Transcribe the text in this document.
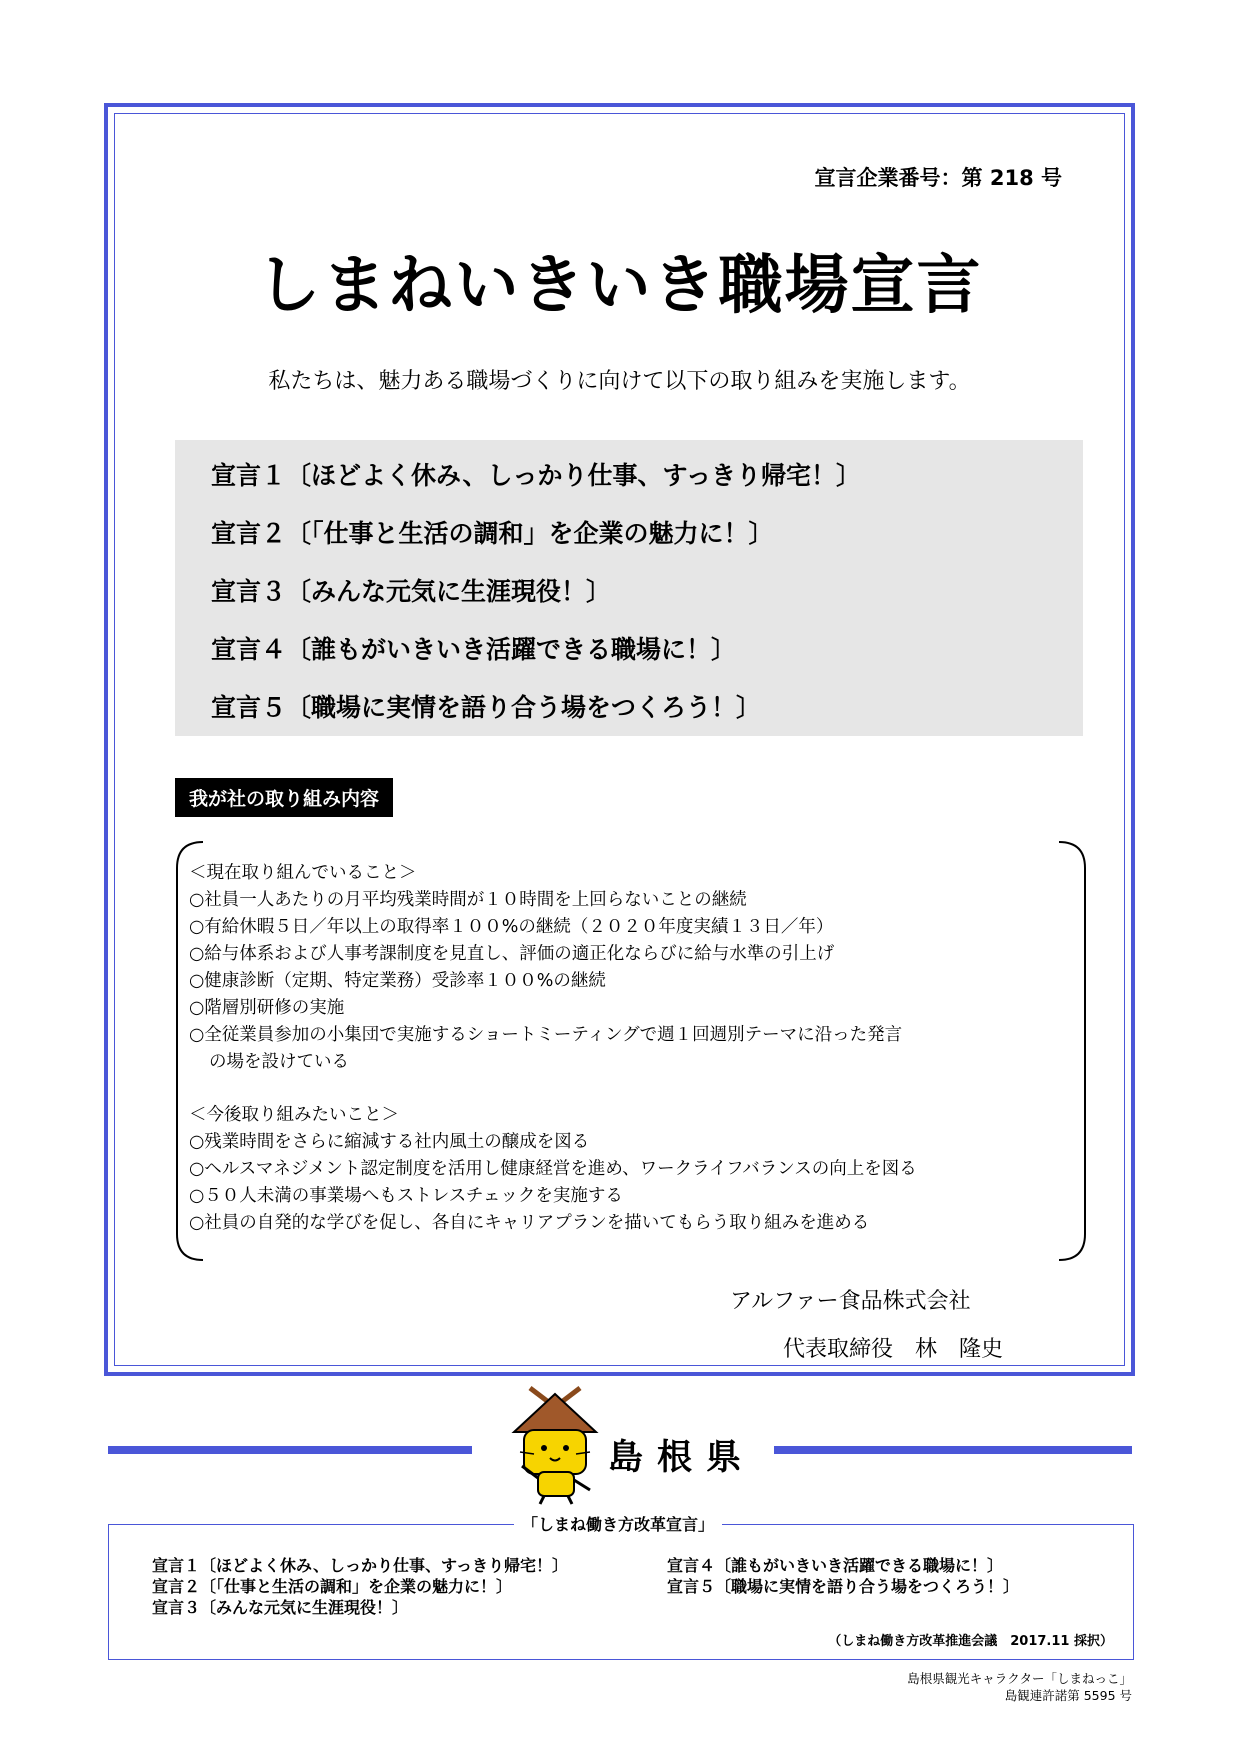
宣言企業番号：第 218 号
しまねいきいき職場宣言
私たちは、魅力ある職場づくりに向けて以下の取り組みを実施します。
宣言１〔ほどよく休み、しっかり仕事、すっきり帰宅！〕
宣言２〔「仕事と生活の調和」を企業の魅力に！〕
宣言３〔みんな元気に生涯現役！〕
宣言４〔誰もがいきいき活躍できる職場に！〕
宣言５〔職場に実情を語り合う場をつくろう！〕
我が社の取り組み内容
＜現在取り組んでいること＞
○社員一人あたりの月平均残業時間が１０時間を上回らないことの継続
○有給休暇５日／年以上の取得率１００%の継続（２０２０年度実績１３日／年）
○給与体系および人事考課制度を見直し、評価の適正化ならびに給与水準の引上げ
○健康診断（定期、特定業務）受診率１００%の継続
○階層別研修の実施
○全従業員参加の小集団で実施するショートミーティングで週１回週別テーマに沿った発言
の場を設けている
＜今後取り組みたいこと＞
○残業時間をさらに縮減する社内風土の醸成を図る
○ヘルスマネジメント認定制度を活用し健康経営を進め、ワークライフバランスの向上を図る
○５０人未満の事業場へもストレスチェックを実施する
○社員の自発的な学びを促し、各自にキャリアプランを描いてもらう取り組みを進める
アルファー食品株式会社
代表取締役　林　隆史
島根県
「しまね働き方改革宣言」
宣言１〔ほどよく休み、しっかり仕事、すっきり帰宅！〕
宣言２〔「仕事と生活の調和」を企業の魅力に！〕
宣言３〔みんな元気に生涯現役！〕
宣言４〔誰もがいきいき活躍できる職場に！〕
宣言５〔職場に実情を語り合う場をつくろう！〕
（しまね働き方改革推進会議　2017.11 採択）
島根県観光キャラクター「しまねっこ」
島観連許諾第 5595 号
